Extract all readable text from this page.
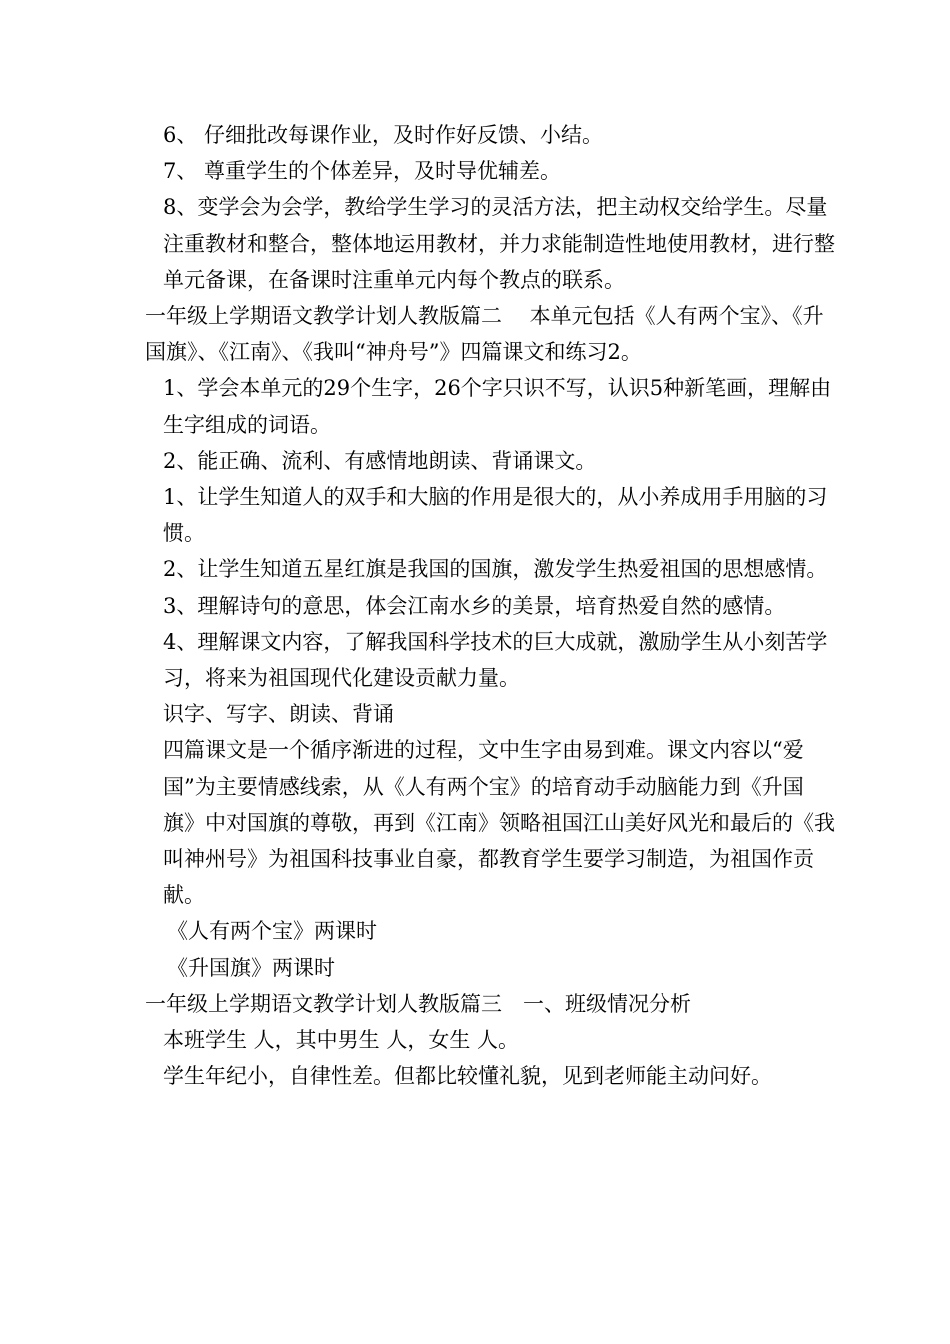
6、 仔细批改每课作业，及时作好反馈、小结。

7、 尊重学生的个体差异，及时导优辅差。

8、变学会为会学，教给学生学习的灵活方法，把主动权交给学生。尽量注重教材和整合，整体地运用教材，并力求能制造性地使用教材，进行整单元备课，在备课时注重单元内每个教点的联系。

一年级上学期语文教学计划人教版篇二　 本单元包括《人有两个宝》、《升国旗》、《江南》、《我叫“神舟号”》四篇课文和练习2。

1、学会本单元的29个生字，26个字只识不写，认识5种新笔画，理解由生字组成的词语。

2、能正确、流利、有感情地朗读、背诵课文。

1、让学生知道人的双手和大脑的作用是很大的，从小养成用手用脑的习惯。

2、让学生知道五星红旗是我国的国旗，激发学生热爱祖国的思想感情。

3、理解诗句的意思，体会江南水乡的美景，培育热爱自然的感情。

4、理解课文内容，了解我国科学技术的巨大成就，激励学生从小刻苦学习，将来为祖国现代化建设贡献力量。

识字、写字、朗读、背诵

四篇课文是一个循序渐进的过程，文中生字由易到难。课文内容以“爱国”为主要情感线索，从《人有两个宝》的培育动手动脑能力到《升国旗》中对国旗的尊敬，再到《江南》领略祖国江山美好风光和最后的《我叫神州号》为祖国科技事业自豪，都教育学生要学习制造，为祖国作贡献。

《人有两个宝》两课时

《升国旗》两课时

一年级上学期语文教学计划人教版篇三　一、班级情况分析

本班学生 人，其中男生 人，女生 人。

学生年纪小，自律性差。但都比较懂礼貌，见到老师能主动问好。
